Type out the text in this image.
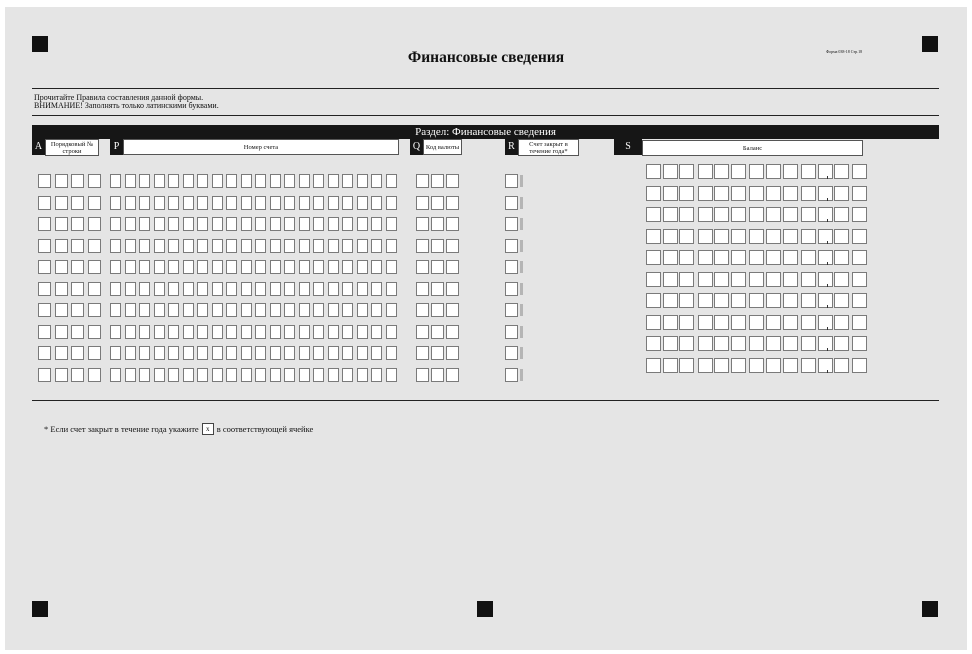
Финансовые сведения	Форма 038-18 Стр.18
Прочитайте Правила составления данной формы.
ВНИМАНИЕ! Заполнять только латинскими буквами.
Раздел: Финансовые сведения
A	Порядковый № строки	P	Номер счета	Q Код валюты	R	Счет закрыт в течение года*	S	Баланс
* Если счет закрыт в течение года укажите	x в соответствующей ячейке
